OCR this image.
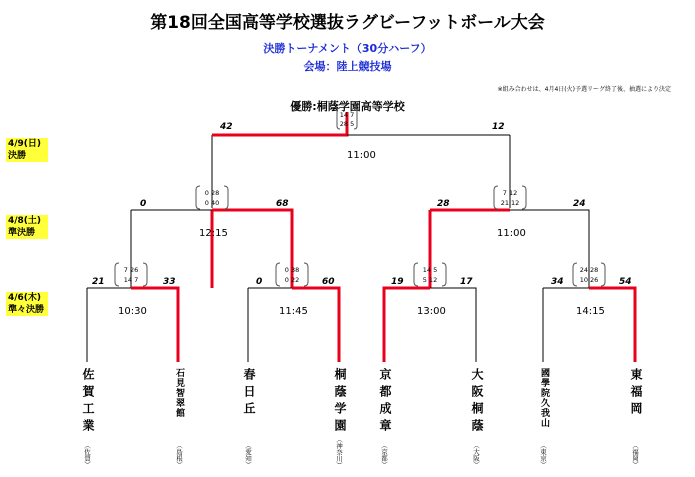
第18回全国高等学校選抜ラグビーフットボール大会
決勝トーナメント（30分ハーフ）
会場：陸上競技場
※組み合わせは、4月4日(火)予選リーグ終了後、抽選により決定
優勝:桐蔭学園高等学校
4/9(日)
決勝
4/8(土)
準決勝
4/6(木)
準々決勝
42	12
14 7
28 5
11:00
0	68
0 28
0 40
12:15
28	24
7 12
21 12
11:00
21	33
7 26
14 7
10:30
0	60
0 38
0 22
11:45
19	17
14 5
5 12
13:00
34	54
24 28
10 26
14:15
佐賀工業
（佐賀）
石見智翠館
（島根）
春日丘
（愛知）
桐蔭学園
（神奈川）
京都成章
（京都）
大阪桐蔭
（大阪）
國學院久我山
（東京）
東福岡
（福岡）
